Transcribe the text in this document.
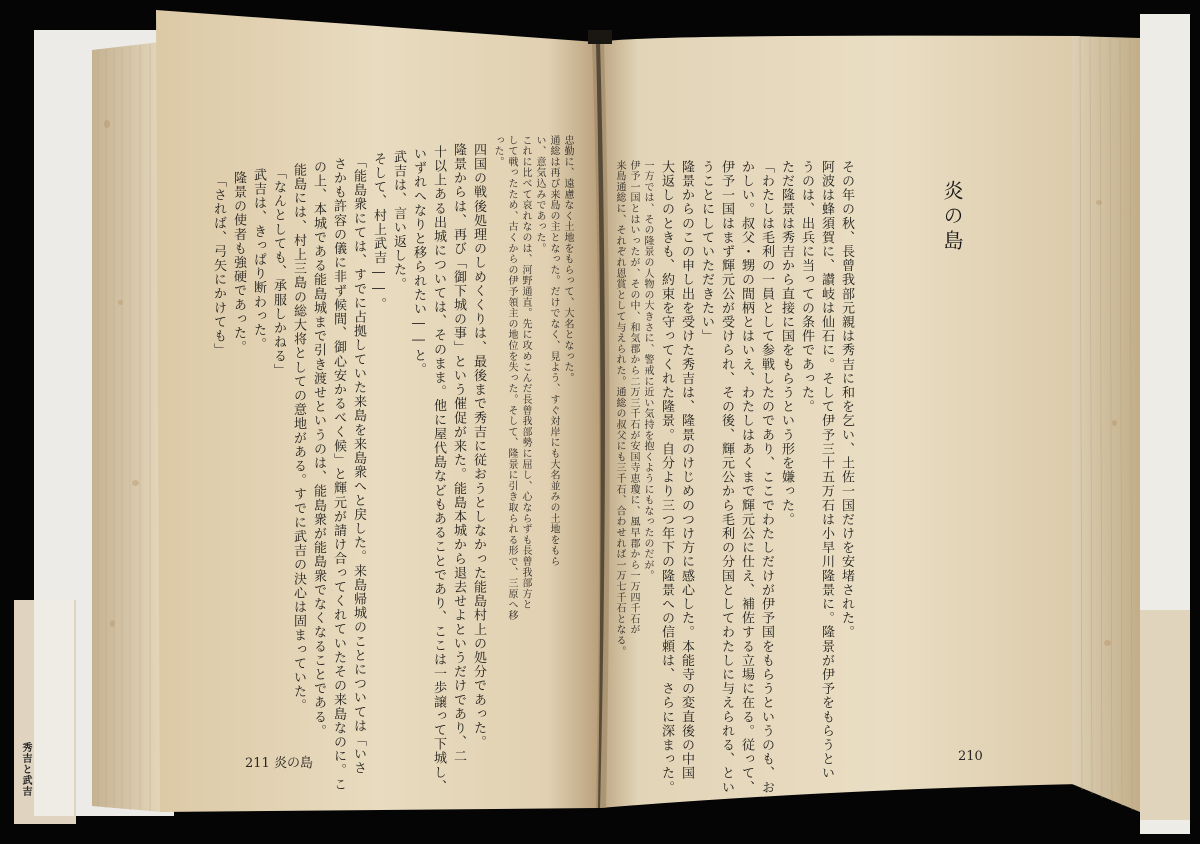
秀吉と武吉
忠勤に、遠慮なく土地をもらって、大名となった。
通総は再び来島の主となった。だけでなく、見よう、すぐ対岸にも大名並みの土地をもら
い、意気込みであった。
これに比べて哀れなのは、河野通直。先に攻めこんだ長曾我部勢に屈し、心ならずも長曾我部方と
して戦ったため、古くからの伊予領主の地位を失った。そして、隆景に引き取られる形で、三原へ移
った。
四国の戦後処理のしめくくりは、最後まで秀吉に従おうとしなかった能島村上の処分であった。
隆景からは、再び「御下城の事」という催促が来た。能島本城から退去せよというだけであり、二
十以上ある出城については、そのまま。他に屋代島などもあることであり、ここは一歩譲って下城し、
いずれへなりと移られたい――と。
武吉は、言い返した。
そして、村上武吉――。
「能島衆にては、すでに占拠していた来島を来島衆へと戻した。来島帰城のことについては「いさ
さかも許容の儀に非ず候間、御心安かるべく候」と輝元が請け合ってくれていたその来島なのに。こ
の上、本城である能島城まで引き渡せというのは、能島衆が能島衆でなくなることである。
能島には、村上三島の総大将としての意地がある。すでに武吉の決心は固まっていた。
「なんとしても、承服しかねる」
武吉は、きっぱり断わった。
隆景の使者も強硬であった。
「されば、弓矢にかけても」
211 炎の島
炎の島
その年の秋、長曾我部元親は秀吉に和を乞い、土佐一国だけを安堵された。
阿波は蜂須賀に、讃岐は仙石に。そして伊予三十五万石は小早川隆景に。隆景が伊予をもらうとい
うのは、出兵に当っての条件であった。
ただ隆景は秀吉から直接に国をもらうという形を嫌った。
「わたしは毛利の一員として参戦したのであり、ここでわたしだけが伊予国をもらうというのも、お
かしい。叔父・甥の間柄とはいえ、わたしはあくまで輝元公に仕え、補佐する立場に在る。従って、
伊予一国はまず輝元公が受けられ、その後、輝元公から毛利の分国としてわたしに与えられる、とい
うことにしていただきたい」
隆景からのこの申し出を受けた秀吉は、隆景のけじめのつけ方に感心した。本能寺の変直後の中国
大返しのときも、約束を守ってくれた隆景。自分より三つ年下の隆景への信頼は、さらに深まった。
一方では、その隆景の人物の大きさに、警戒に近い気持を抱くようにもなったのだが。
伊予一国とはいったが、その中、和気郡から二万三千石が安国寺恵瓊に、風早郡から一万四千石が
来島通総に、それぞれ恩賞として与えられた。通総の叔父にも三千石、合わせれば一万七千石となる。
210
